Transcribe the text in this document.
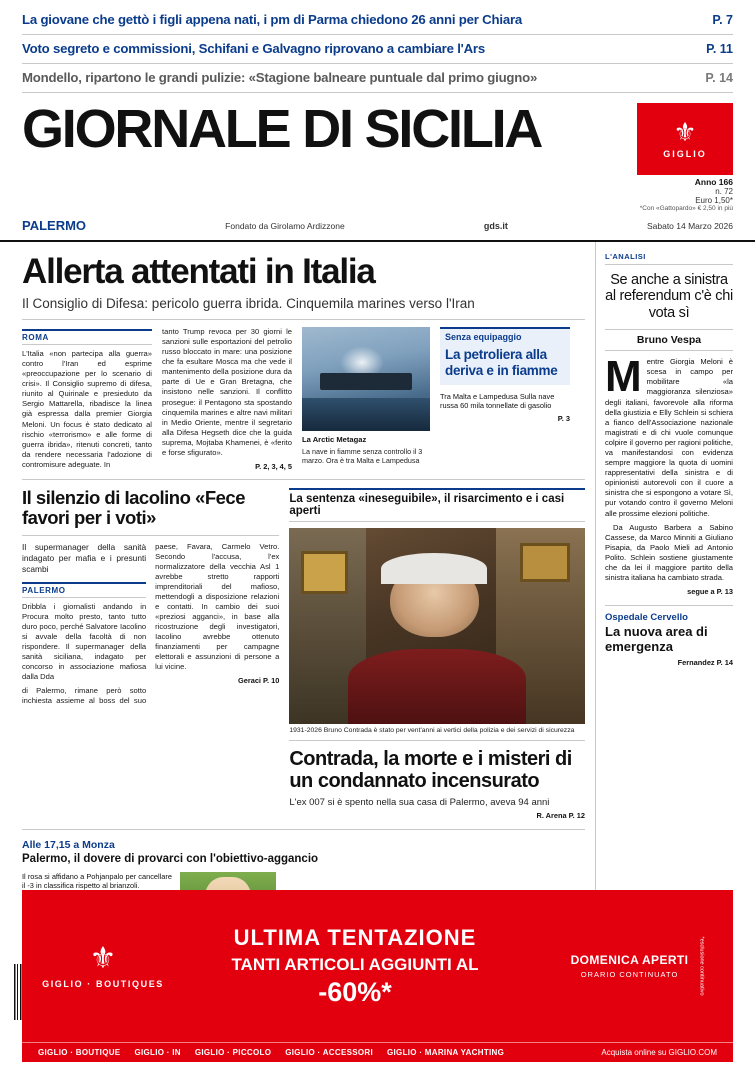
La giovane che gettò i figli appena nati, i pm di Parma chiedono 26 anni per Chiara	P. 7
Voto segreto e commissioni, Schifani e Galvagno riprovano a cambiare l'Ars	P. 11
Mondello, ripartono le grandi pulizie: «Stagione balneare puntuale dal primo giugno»	P. 14
GIORNALE DI SICILIA	⚜
GIGLIO
Anno 166
n. 72
Euro 1,50*
*Con «Gattopardo» € 2,50 in più
PALERMO	Fondato da Girolamo Ardizzone	gds.it	Sabato 14 Marzo 2026
Allerta attentati in Italia
Il Consiglio di Difesa: pericolo guerra ibrida. Cinquemila marines verso l'Iran
ROMA
L'Italia «non partecipa alla guerra» contro l'Iran ed esprime «preoccupazione per lo scenario di crisi». Il Consiglio supremo di difesa, riunito al Quirinale e presieduto da Sergio Mattarella, ribadisce la linea già espressa dalla premier Giorgia Meloni. Un focus è stato dedicato al rischio «terrorismo» e alle forme di guerra ibrida», ritenuti concreti, tanto da rendere necessaria l'adozione di contromisure adeguate. In
tanto Trump revoca per 30 giorni le sanzioni sulle esportazioni del petrolio russo bloccato in mare: una posizione che fa esultare Mosca ma che vede il mantenimento della posizione dura da parte di Ue e Gran Bretagna, che insistono nelle sanzioni. Il conflitto prosegue: il Pentagono sta spostando cinquemila marines e altre navi militari in Medio Oriente, mentre il segretario alla Difesa Hegseth dice che la guida suprema, Mojtaba Khamenei, è «ferito e forse sfigurato».
P. 2, 3, 4, 5
La Arctic Metagaz
La nave in fiamme senza controllo il 3 marzo. Ora è tra Malta e Lampedusa
Senza equipaggio
La petroliera alla deriva e in fiamme
Tra Malta e Lampedusa Sulla nave russa 60 mila tonnellate di gasolio
P. 3
Il silenzio di Iacolino «Fece favori per i voti»
Il supermanager della sanità indagato per mafia e i presunti scambi
PALERMO
Dribbla i giornalisti andando in Procura molto presto, tanto tutto duro poco, perché Salvatore Iacolino si avvale della facoltà di non rispondere. Il supermanager della sanità siciliana, indagato per concorso in associazione mafiosa dalla Dda
di Palermo, rimane però sotto inchiesta assieme al boss del suo paese, Favara, Carmelo Vetro. Secondo l'accusa, l'ex normalizzatore della vecchia Asl 1 avrebbe stretto rapporti imprenditoriali del mafioso, mettendogli a disposizione relazioni e contatti. In cambio dei suoi «preziosi agganci», in base alla ricostruzione degli investigatori, Iacolino avrebbe ottenuto finanziamenti per campagne elettorali e assunzioni di persone a lui vicine.
Geraci P. 10
La sentenza «ineseguibile», il risarcimento e i casi aperti
1931-2026 Bruno Contrada è stato per vent'anni ai vertici della polizia e dei servizi di sicurezza
Contrada, la morte e i misteri di un condannato incensurato
L'ex 007 si è spento nella sua casa di Palermo, aveva 94 anni
R. Arena P. 12
Alle 17,15 a Monza
Palermo, il dovere di provarci con l'obiettivo-aggancio
Il rosa si affidano a Pohjanpalo per cancellare il -3 in classifica rispetto al brianzoli.
L'ANALISI
Se anche a sinistra al referendum c'è chi vota sì
Bruno Vespa
M entre Giorgia Meloni è scesa in campo per mobilitare «la maggioranza silenziosa» degli italiani, favorevole alla riforma della giustizia e Elly Schlein si schiera a fianco dell'Associazione nazionale magistrati e di chi vuole comunque colpire il governo per ragioni politiche, va manifestandosi con evidenza sempre maggiore la quota di uomini rappresentativi della sinistra e di opinionisti autorevoli con il cuore a sinistra che si espongono a votare Sì, pur votando contro il governo Meloni alle prossime elezioni politiche.
Da Augusto Barbera a Sabino Cassese, da Marco Minniti a Giuliano Pisapia, da Paolo Mieli ad Antonio Polito. Schlein sostiene giustamente che da lei il maggiore partito della sinistra italiana ha cambiato strada.
segue a P. 13
Ospedale Cervello
La nuova area di emergenza
Fernandez P. 14
⚜
GIGLIO · BOUTIQUES
ULTIMA TENTAZIONE
TANTI ARTICOLI AGGIUNTI AL
-60%*
DOMENICA APERTI
ORARIO CONTINUATO	*esclusione continuativo
GIGLIO · BOUTIQUE GIGLIO · IN GIGLIO · PICCOLO GIGLIO · ACCESSORI GIGLIO · MARINA YACHTING	Acquista online su GIGLIO.COM
